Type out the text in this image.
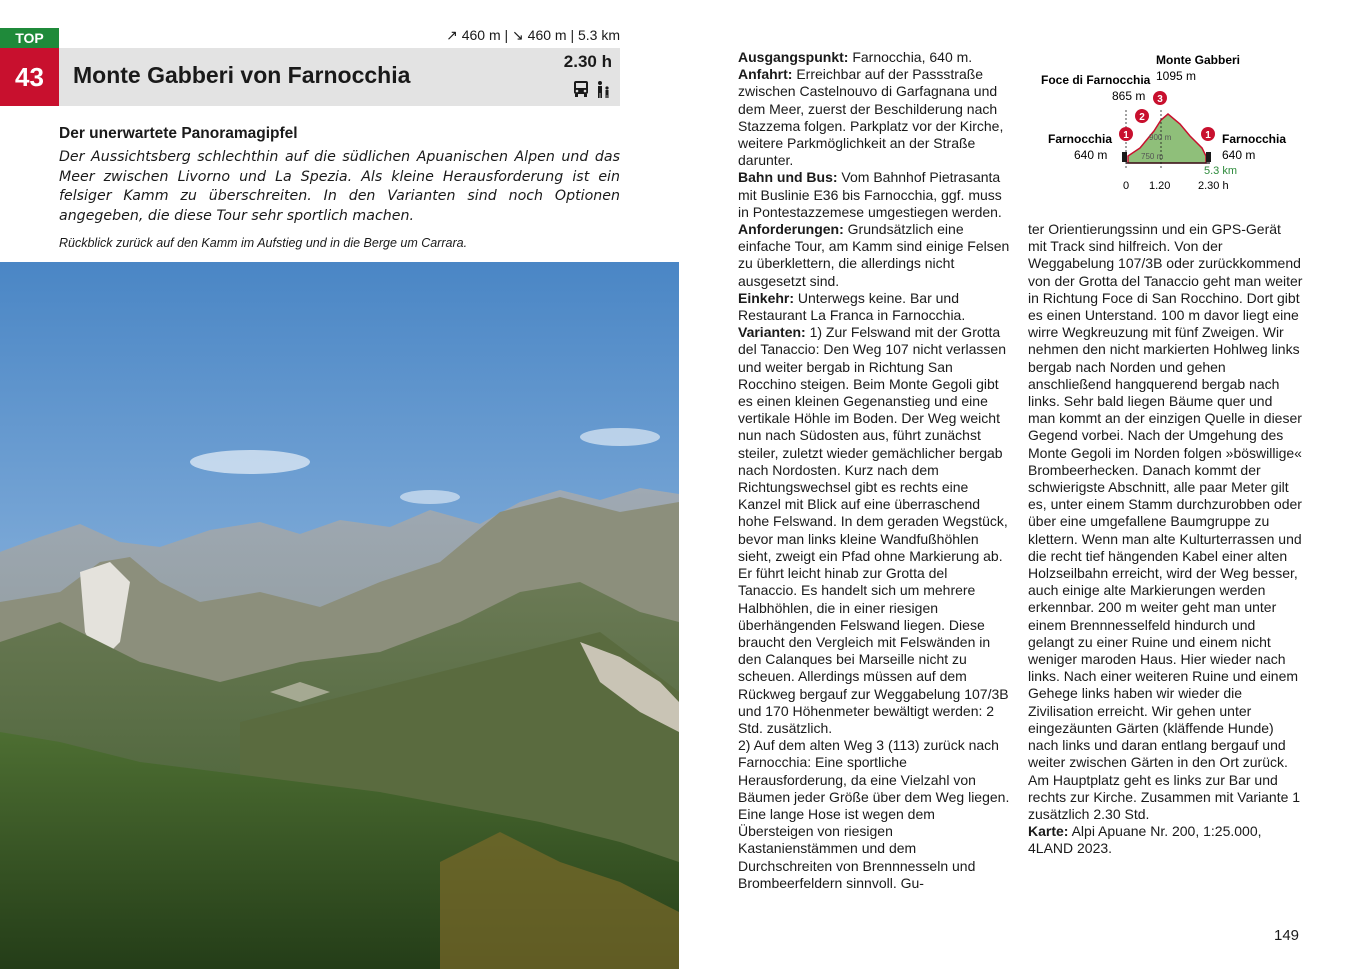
TOP
43
↗ 460 m | ↘ 460 m | 5.3 km
Monte Gabberi von Farnocchia
2.30 h
Der unerwartete Panoramagipfel

Der Aussichtsberg schlechthin auf die südlichen Apuanischen Alpen und das Meer zwischen Livorno und La Spezia. Als kleine Herausforderung ist ein felsiger Kamm zu überschreiten. In den Varianten sind noch Optionen angegeben, die diese Tour sehr sportlich machen.

Rückblick zurück auf den Kamm im Aufstieg und in die Berge um Carrara.

Ausgangspunkt: Farnocchia, 640 m.

Anfahrt: Erreichbar auf der Passstraße zwischen Castelnouvo di Garfagnana und dem Meer, zuerst der Beschilderung nach Stazzema folgen. Parkplatz vor der Kirche, weitere Parkmöglichkeit an der Straße darunter.

Bahn und Bus: Vom Bahnhof Pietrasanta mit Buslinie E36 bis Farnocchia, ggf. muss in Pontestazzemese umgestiegen werden.

Anforderungen: Grundsätzlich eine einfache Tour, am Kamm sind einige Felsen zu überklettern, die allerdings nicht ausgesetzt sind.

Einkehr: Unterwegs keine. Bar und Restaurant La Franca in Farnocchia.

Varianten: 1) Zur Felswand mit der Grotta del Tanaccio: Den Weg 107 nicht verlassen und weiter bergab in Richtung San Rocchino steigen. Beim Monte Gegoli gibt es einen kleinen Gegenanstieg und eine vertikale Höhle im Boden. Der Weg weicht nun nach Südosten aus, führt zunächst steiler, zuletzt wieder gemächlicher bergab nach Nordosten. Kurz nach dem Richtungswechsel gibt es rechts eine Kanzel mit Blick auf eine überraschend hohe Felswand. In dem geraden Wegstück, bevor man links kleine Wandfußhöhlen sieht, zweigt ein Pfad ohne Markierung ab. Er führt leicht hinab zur Grotta del Tanaccio. Es handelt sich um mehrere Halbhöhlen, die in einer riesigen überhängenden Felswand liegen. Diese braucht den Vergleich mit Felswänden in den Calanques bei Marseille nicht zu scheuen. Allerdings müssen auf dem Rückweg bergauf zur Weggabelung 107/3B und 170 Höhenmeter bewältigt werden: 2 Std. zusätzlich.

2) Auf dem alten Weg 3 (113) zurück nach Farnocchia: Eine sportliche Herausforderung, da eine Vielzahl von Bäumen jeder Größe über dem Weg liegen. Eine lange Hose ist wegen dem Übersteigen von riesigen Kastanienstämmen und dem Durchschreiten von Brennnesseln und Brombeerfeldern sinnvoll. Gu-

Monte Gabberi
1095 m
Foce di Farnocchia
865 m
Farnocchia
640 m
Farnocchia
640 m
900 m
750 m
1
2
3
1
5.3 km
0 1.20	2.30 h

ter Orientierungssinn und ein GPS-Gerät mit Track sind hilfreich. Von der Weggabelung 107/3B oder zurückkommend von der Grotta del Tanaccio geht man weiter in Richtung Foce di San Rocchino. Dort gibt es einen Unterstand. 100 m davor liegt eine wirre Wegkreuzung mit fünf Zweigen. Wir nehmen den nicht markierten Hohlweg links bergab nach Norden und gehen anschließend hangquerend bergab nach links. Sehr bald liegen Bäume quer und man kommt an der einzigen Quelle in dieser Gegend vorbei. Nach der Umgehung des Monte Gegoli im Norden folgen »böswillige« Brombeerhecken. Danach kommt der schwierigste Abschnitt, alle paar Meter gilt es, unter einem Stamm durchzurobben oder über eine umgefallene Baumgruppe zu klettern. Wenn man alte Kulturterrassen und die recht tief hängenden Kabel einer alten Holzseilbahn erreicht, wird der Weg besser, auch einige alte Markierungen werden erkennbar. 200 m weiter geht man unter einem Brennnesselfeld hindurch und gelangt zu einer Ruine und einem nicht weniger maroden Haus. Hier wieder nach links. Nach einer weiteren Ruine und einem Gehege links haben wir wieder die Zivilisation erreicht. Wir gehen unter eingezäunten Gärten (kläffende Hunde) nach links und daran entlang bergauf und weiter zwischen Gärten in den Ort zurück. Am Hauptplatz geht es links zur Bar und rechts zur Kirche. Zusammen mit Variante 1 zusätzlich 2.30 Std.

Karte: Alpi Apuane Nr. 200, 1:25.000, 4LAND 2023.

149
